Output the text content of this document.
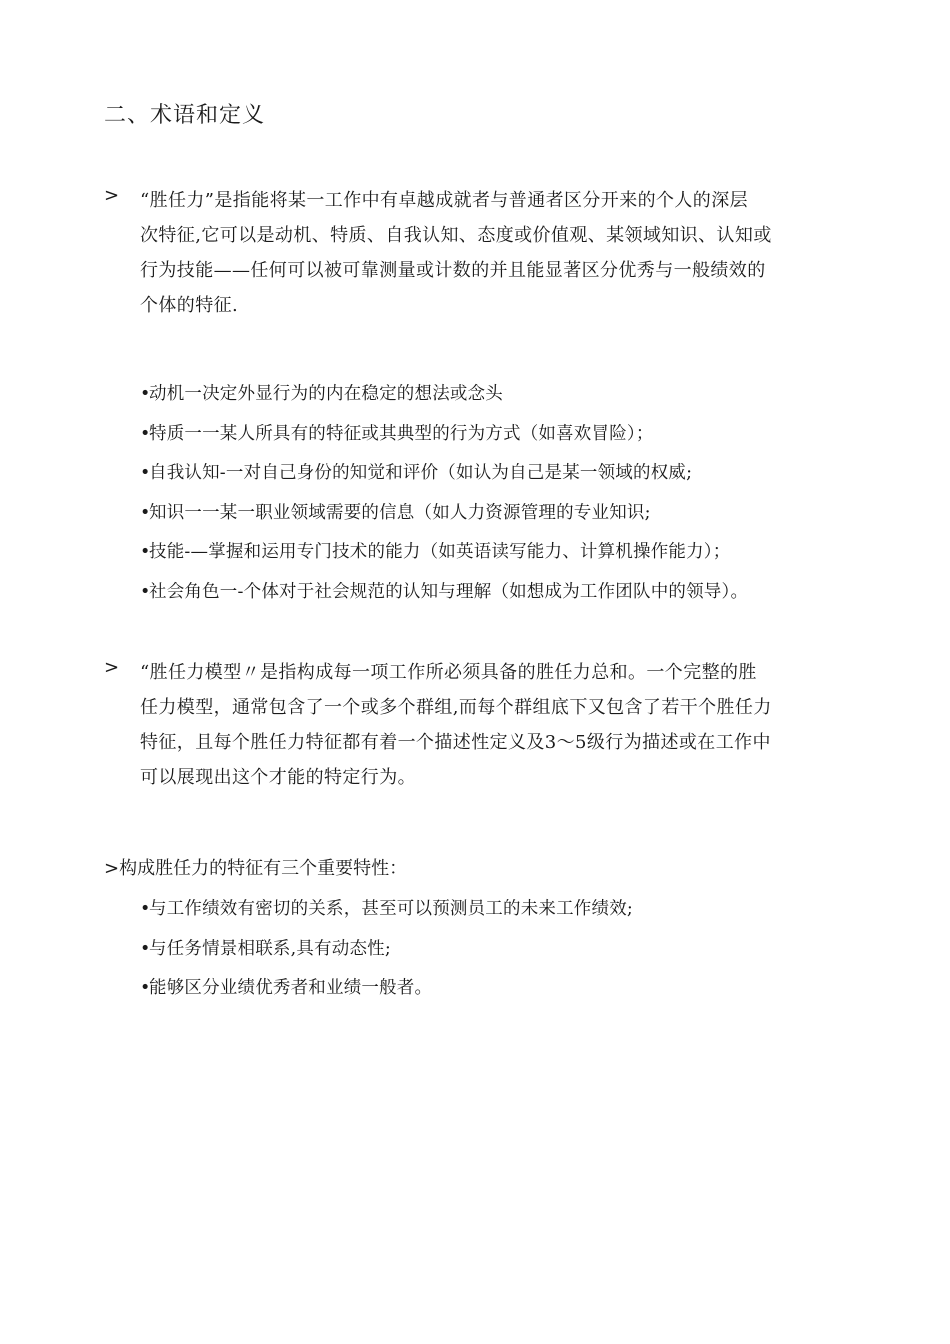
二、术语和定义
> “胜任力”是指能将某一工作中有卓越成就者与普通者区分开来的个人的深层
次特征,它可以是动机、特质、自我认知、态度或价值观、某领域知识、认知或
行为技能——任何可以被可靠测量或计数的并且能显著区分优秀与一般绩效的
个体的特征.
•动机一决定外显行为的内在稳定的想法或念头
•特质一一某人所具有的特征或其典型的行为方式（如喜欢冒险）；
•自我认知-一对自己身份的知觉和评价（如认为自己是某一领域的权威;
•知识一一某一职业领域需要的信息（如人力资源管理的专业知识;
•技能-—掌握和运用专门技术的能力（如英语读写能力、计算机操作能力）；
•社会角色一-个体对于社会规范的认知与理解（如想成为工作团队中的领导）。
> “胜任力模型〃是指构成每一项工作所必须具备的胜任力总和。一个完整的胜
任力模型，通常包含了一个或多个群组,而每个群组底下又包含了若干个胜任力
特征，且每个胜任力特征都有着一个描述性定义及3〜5级行为描述或在工作中
可以展现出这个才能的特定行为。
>构成胜任力的特征有三个重要特性：
•与工作绩效有密切的关系，甚至可以预测员工的未来工作绩效;
•与任务情景相联系,具有动态性;
•能够区分业绩优秀者和业绩一般者。
